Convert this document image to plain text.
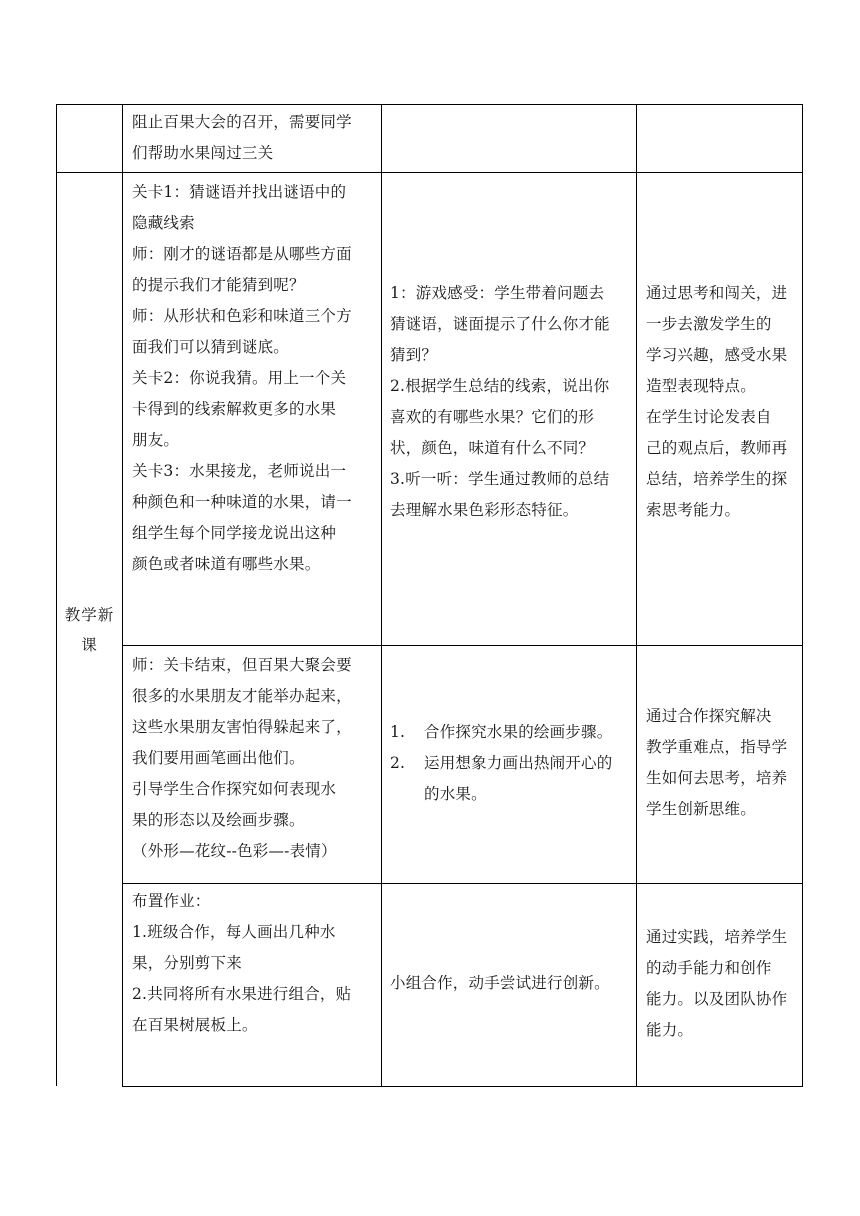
教学新
课

阻止百果大会的召开，需要同学

们帮助水果闯过三关

关卡1：猜谜语并找出谜语中的

隐藏线索

师：刚才的谜语都是从哪些方面

的提示我们才能猜到呢？

师：从形状和色彩和味道三个方

面我们可以猜到谜底。

关卡2：你说我猜。用上一个关

卡得到的线索解救更多的水果

朋友。

关卡3：水果接龙，老师说出一

种颜色和一种味道的水果，请一

组学生每个同学接龙说出这种

颜色或者味道有哪些水果。

1：游戏感受：学生带着问题去

猜谜语，谜面提示了什么你才能

猜到？

2.根据学生总结的线索，说出你

喜欢的有哪些水果？它们的形

状，颜色，味道有什么不同？

3.听一听：学生通过教师的总结

去理解水果色彩形态特征。

通过思考和闯关，进

一步去激发学生的

学习兴趣，感受水果

造型表现特点。

在学生讨论发表自

己的观点后，教师再

总结，培养学生的探

索思考能力。

师：关卡结束，但百果大聚会要

很多的水果朋友才能举办起来，

这些水果朋友害怕得躲起来了，

我们要用画笔画出他们。

引导学生合作探究如何表现水

果的形态以及绘画步骤。

（外形—花纹--色彩—-表情）

1.	合作探究水果的绘画步骤。
2.	运用想象力画出热闹开心的
的水果。

通过合作探究解决

教学重难点，指导学

生如何去思考，培养

学生创新思维。

布置作业：

1.班级合作，每人画出几种水

果，分别剪下来

2.共同将所有水果进行组合，贴

在百果树展板上。

小组合作，动手尝试进行创新。

通过实践，培养学生

的动手能力和创作

能力。以及团队协作

能力。
